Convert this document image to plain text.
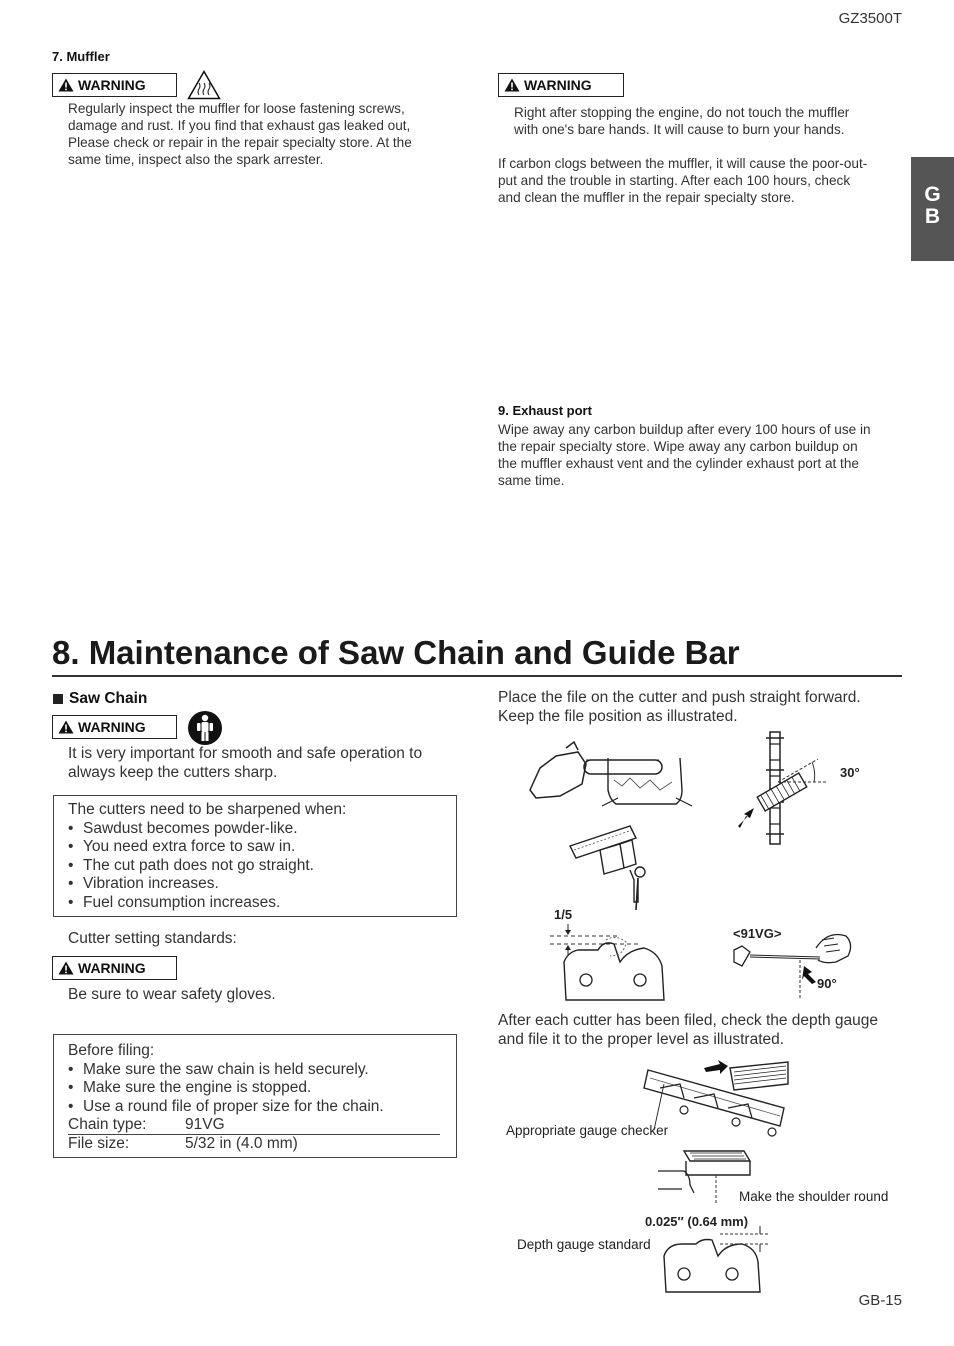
GZ3500T
G
B
7. Muffler
WARNING
Regularly inspect the muffler for loose fastening screws,
damage and rust. If you find that exhaust gas leaked out,
Please check or repair in the repair specialty store. At the
same time, inspect also the spark arrester.
WARNING
Right after stopping the engine, do not touch the muffler
with one's bare hands. It will cause to burn your hands.
If carbon clogs between the muffler, it will cause the poor-out-
put and the trouble in starting. After each 100 hours, check
and clean the muffler in the repair specialty store.
9. Exhaust port
Wipe away any carbon buildup after every 100 hours of use in
the repair specialty store. Wipe away any carbon buildup on
the muffler exhaust vent and the cylinder exhaust port at the
same time.
8. Maintenance of Saw Chain and Guide Bar
Saw Chain
WARNING
It is very important for smooth and safe operation to
always keep the cutters sharp.
The cutters need to be sharpened when:
• Sawdust becomes powder-like.
• You need extra force to saw in.
• The cut path does not go straight.
• Vibration increases.
• Fuel consumption increases.
Cutter setting standards:
WARNING
Be sure to wear safety gloves.
Before filing:
• Make sure the saw chain is held securely.
• Make sure the engine is stopped.
• Use a round file of proper size for the chain.
Chain type:	91VG
File size:	5/32 in (4.0 mm)
Place the file on the cutter and push straight forward.
Keep the file position as illustrated.
30°
1/5
<91VG>
90°
After each cutter has been filed, check the depth gauge
and file it to the proper level as illustrated.
Appropriate gauge checker
Make the shoulder round
0.025″ (0.64 mm)
Depth gauge standard
GB-15
